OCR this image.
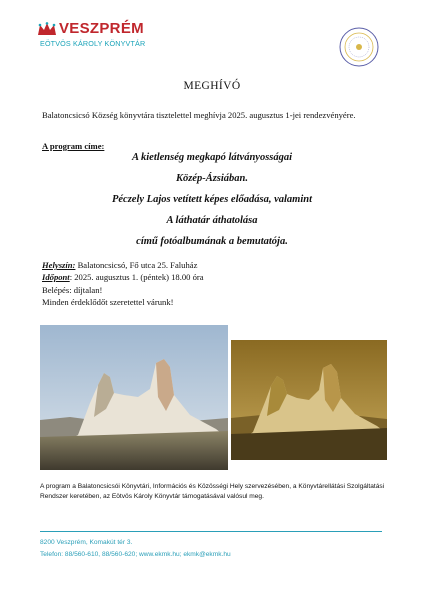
VESZPRÉM
EÖTVÖS KÁROLY KÖNYVTÁR
MEGHÍVÓ
Balatoncsicsó Község könyvtára tisztelettel meghívja 2025. augusztus 1-jei rendezvényére.
A program címe:
A kietlenség megkapó látványosságai
Közép-Ázsiában.
Péczely Lajos vetített képes előadása, valamint
A láthatár áthatolása
című fotóalbumának a bemutatója.
Helyszín: Balatoncsicsó, Fő utca 25. Faluház
Időpont: 2025. augusztus 1. (péntek) 18.00 óra
Belépés: díjtalan!
Minden érdeklődőt szeretettel várunk!
A program a Balatoncsicsói Könyvtári, Információs és Közösségi Hely szervezésében, a Könyvtárellátási Szolgáltatási Rendszer keretében, az Eötvös Károly Könyvtár támogatásával valósul meg.
8200 Veszprém, Komakút tér 3.
Telefon: 88/560-610, 88/560-620; www.ekmk.hu; ekmk@ekmk.hu
